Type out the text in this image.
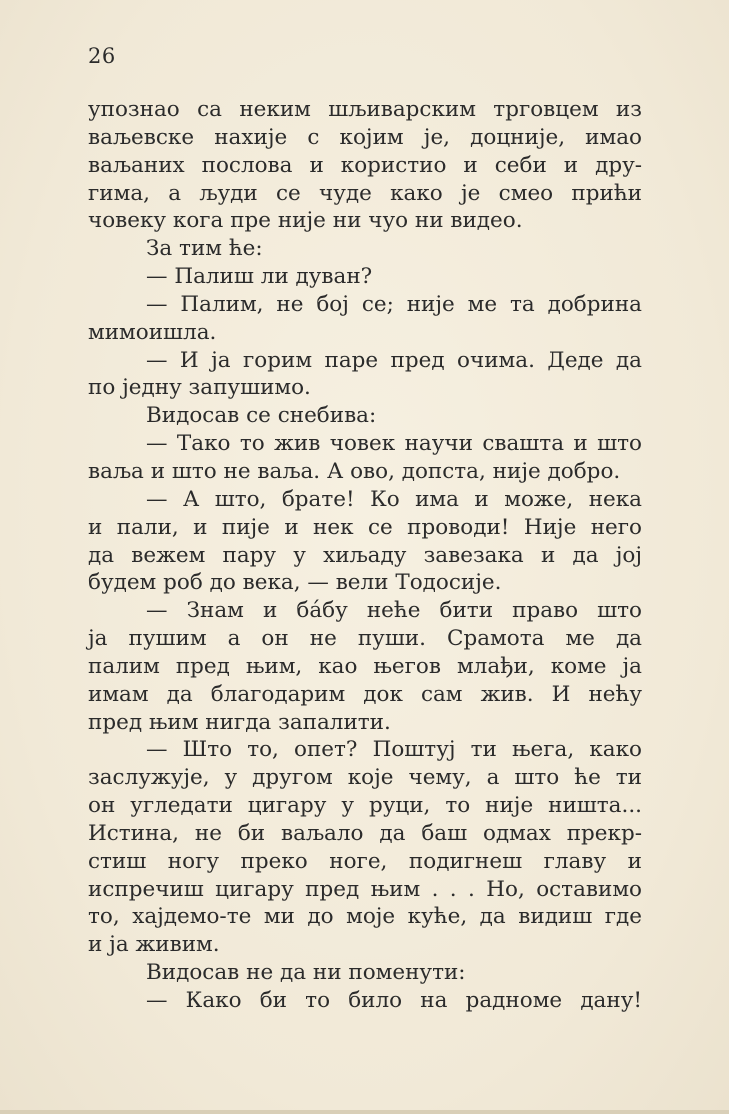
26
упознао са неким шљиварским трговцем из
ваљевске нахије с којим је, доцније, имао
ваљаних послова и користио и себи и дру-
гима, а људи се чуде како је смео прићи
човеку кога пре није ни чуо ни видео.
За тим ће:
— Палиш ли дуван?
— Палим, не бој се; није ме та добрина
мимоишла.
— И ја горим паре пред очима. Деде да
по једну запушимо.
Видосав се снебива:
— Тако то жив човек научи свашта и што
ваља и што не ваља. А ово, допста, није добро.
— А што, брате! Ко има и може, нека
и пали, и пије и нек се проводи! Није него
да вежем пару у хиљаду завезака и да јој
будем роб до века, — вели Тодосије.
— Знам и ба́бу неће бити право што
ја пушим а он не пуши. Срамота ме да
палим пред њим, као његов млађи, коме ја
имам да благодарим док сам жив. И нећу
пред њим нигда запалити.
— Што то, опет? Поштуј ти њега, како
заслужује, у другом које чему, а што ће ти
он угледати цигару у руци, то није ништа...
Истина, не би ваљало да баш одмах прекр-
стиш ногу преко ноге, подигнеш главу и
испречиш цигару пред њим . . . Но, оставимо
то, хајдемо-те ми до моје куће, да видиш где
и ја живим.
Видосав не да ни поменути:
— Како би то било на радноме дану!
